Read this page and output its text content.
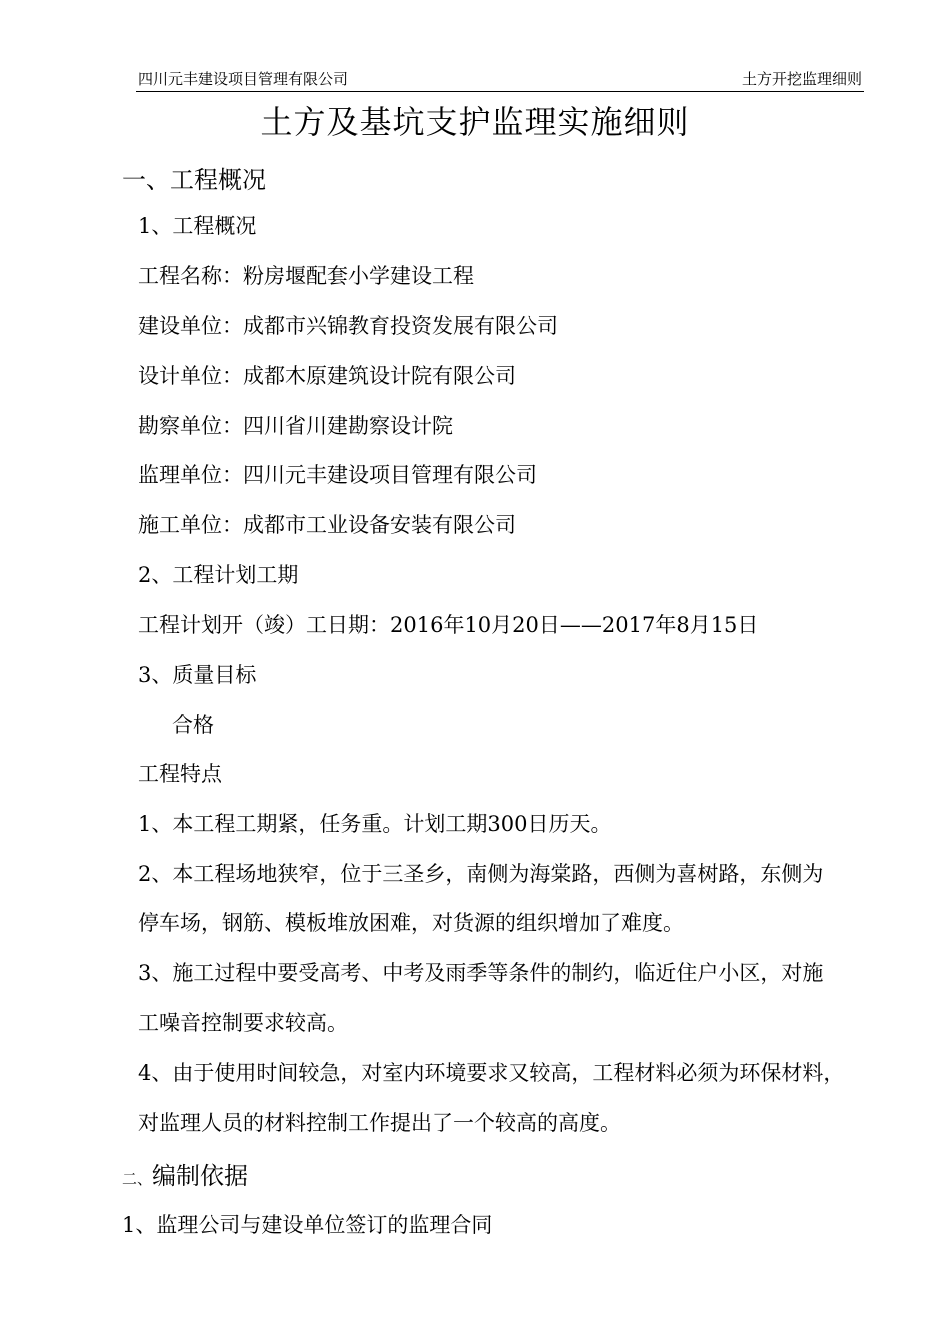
四川元丰建设项目管理有限公司	土方开挖监理细则
土方及基坑支护监理实施细则
一、工程概况
1、工程概况
工程名称：粉房堰配套小学建设工程
建设单位：成都市兴锦教育投资发展有限公司
设计单位：成都木原建筑设计院有限公司
勘察单位：四川省川建勘察设计院
监理单位：四川元丰建设项目管理有限公司
施工单位：成都市工业设备安装有限公司
2、工程计划工期
工程计划开（竣）工日期：2016年10月20日——2017年8月15日
3、质量目标
合格
工程特点
1、本工程工期紧，任务重。计划工期300日历天。
2、本工程场地狭窄，位于三圣乡，南侧为海棠路，西侧为喜树路，东侧为
停车场，钢筋、模板堆放困难，对货源的组织增加了难度。
3、施工过程中要受高考、中考及雨季等条件的制约，临近住户小区，对施
工噪音控制要求较高。
4、由于使用时间较急，对室内环境要求又较高，工程材料必须为环保材料，
对监理人员的材料控制工作提出了一个较高的高度。
二、编制依据
1、监理公司与建设单位签订的监理合同
